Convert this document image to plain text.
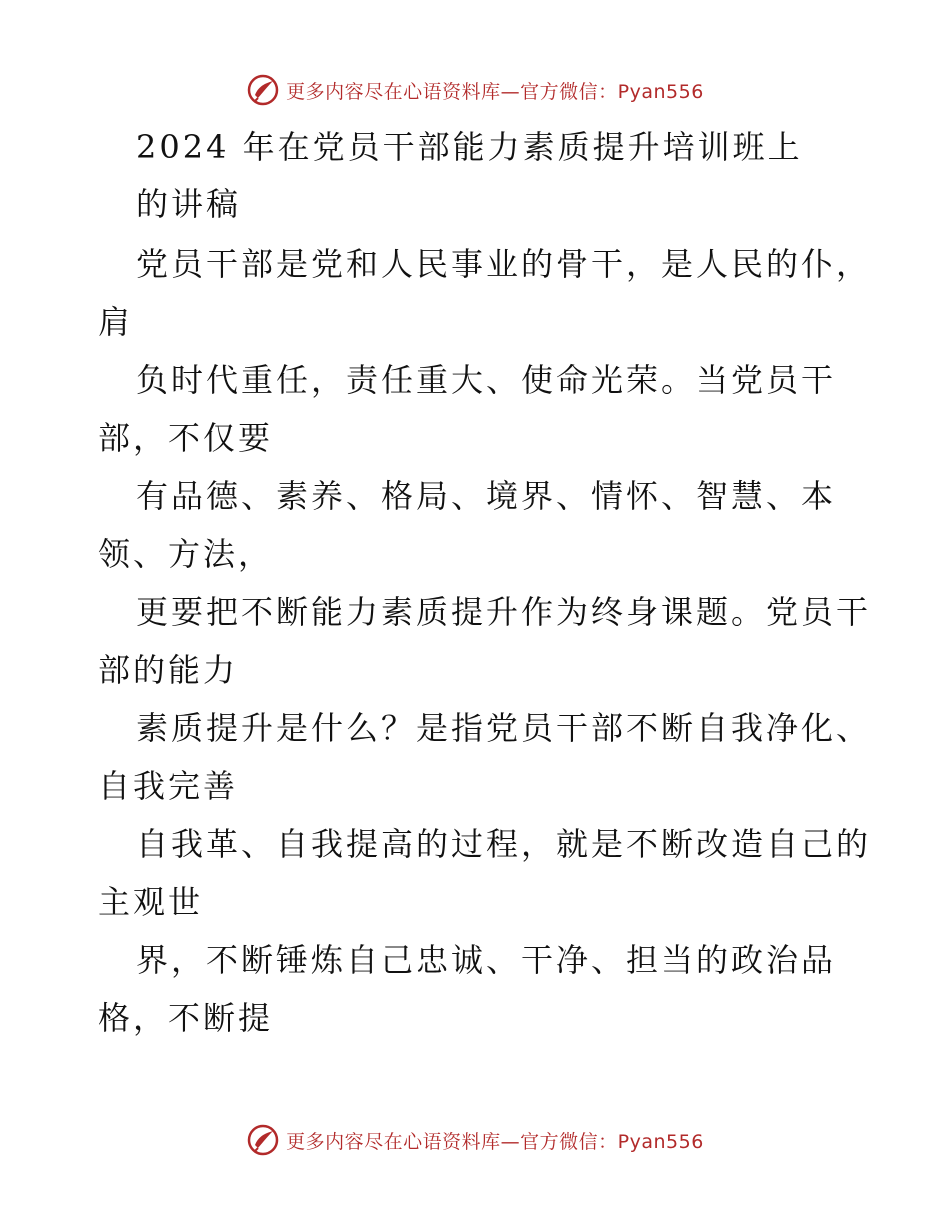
更多内容尽在心语资料库—官方微信：Pyan556
2024 年在党员干部能力素质提升培训班上
的讲稿
党员干部是党和人民事业的骨干，是人民的仆，
肩
负时代重任，责任重大、使命光荣。当党员干
部，不仅要
有品德、素养、格局、境界、情怀、智慧、本
领、方法，
更要把不断能力素质提升作为终身课题。党员干
部的能力
素质提升是什么？是指党员干部不断自我净化、
自我完善
自我革、自我提高的过程，就是不断改造自己的
主观世
界，不断锤炼自己忠诚、干净、担当的政治品
格，不断提
更多内容尽在心语资料库—官方微信：Pyan556
